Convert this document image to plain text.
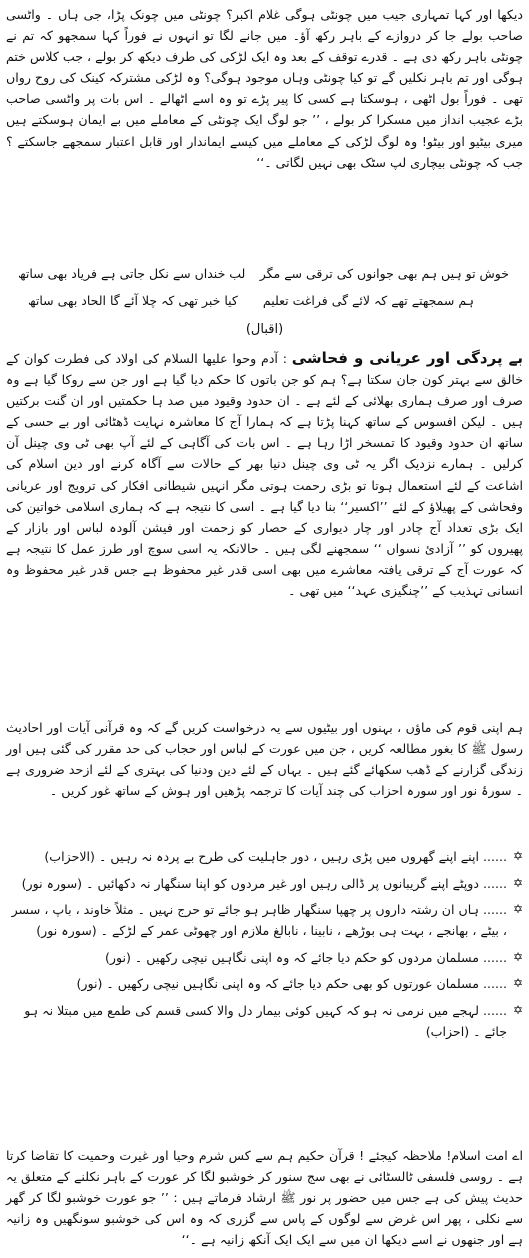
دیکھا اور کہا تمہاری جیب میں چونٹی ہوگی غلام اکبر؟ چونٹی میں چونک پڑا، جی ہاں ۔ واٹسی صاحب بولے جا کر دروازے کے باہر رکھ آؤ۔ میں جانے لگا تو انہوں نے فوراً کہا سمجھو کہ تم نے چونٹی باہر رکھ دی ہے ۔ قدرے توقف کے بعد وہ ایک لڑکی کی طرف دیکھ کر بولے ، جب کلاس ختم ہوگی اور تم باہر نکلیں گے تو کیا چونٹی وہاں موجود ہوگی؟ وہ لڑکی مشترکہ کینک کی روح رواں تھی ۔ فوراً بول اٹھی ، ہوسکتا ہے کسی کا پیر پڑے تو وہ اسے اٹھالے ۔ اس بات پر واٹسی صاحب بڑے عجیب انداز میں مسکرا کر بولے ، ’’ جو لوگ ایک چونٹی کے معاملے میں بے ایمان ہوسکتے ہیں میری بیٹیو اور بیٹو! وہ لوگ لڑکی کے معاملے میں کیسے ایماندار اور قابل اعتبار سمجھے جاسکتے ؟ جب کہ چونٹی بیچاری لپ سٹک بھی نہیں لگاتی ۔‘‘

خوش تو ہیں ہم بھی جوانوں کی ترقی سے مگر
لب خنداں سے نکل جاتی ہے فریاد بھی ساتھ
ہم سمجھتے تھے کہ لائے گی فراغت تعلیم
کیا خبر تھی کہ چلا آئے گا الحاد بھی ساتھ
(اقبال)

بے پردگی اور عریانی و فحاشی : آدم وحوا علیھا السلام کی اولاد کی فطرت کوان کے خالق سے بہتر کون جان سکتا ہے؟ ہم کو جن باتوں کا حکم دیا گیا ہے اور جن سے روکا گیا ہے وہ صرف اور صرف ہماری بھلائی کے لئے ہے ۔ ان حدود وقیود میں صد ہا حکمتیں اور ان گنت برکتیں ہیں ۔ لیکن افسوس کے ساتھ کہنا پڑتا ہے کہ ہمارا آج کا معاشرہ نہایت ڈھٹائی اور بے حسی کے ساتھ ان حدود وقیود کا تمسخر اڑا رہا ہے ۔ اس بات کی آگاہی کے لئے آپ بھی ٹی وی چینل آن کرلیں ۔ ہمارے نزدیک اگر یہ ٹی وی چینل دنیا بھر کے حالات سے آگاہ کرنے اور دین اسلام کی اشاعت کے لئے استعمال ہوتا تو بڑی رحمت ہوتی مگر انہیں شیطانی افکار کی ترویج اور عریانی وفحاشی کے پھیلاؤ کے لئے ’’اکسیر‘‘ بنا دیا گیا ہے ۔ اسی کا نتیجہ ہے کہ ہماری اسلامی خواتین کی ایک بڑی تعداد آج چادر اور چار دیواری کے حصار کو زحمت اور فیشن آلودہ لباس اور بازار کے پھیروں کو ’’ آزادیٔ نسواں ‘‘ سمجھنے لگی ہیں ۔ حالانکہ یہ اسی سوچ اور طرز عمل کا نتیجہ ہے کہ عورت آج کے ترقی یافتہ معاشرے میں بھی اسی قدر غیر محفوظ ہے جس قدر غیر محفوظ وہ انسانی تہذیب کے ’’چنگیزی عہد‘‘ میں تھی ۔

ہم اپنی قوم کی ماؤں ، بہنوں اور بیٹیوں سے یہ درخواست کریں گے کہ وہ قرآنی آیات اور احادیث رسول ﷺ کا بغور مطالعہ کریں ، جن میں عورت کے لباس اور حجاب کی حد مقرر کی گئی ہیں اور زندگی گزارنے کے ڈھب سکھائے گئے ہیں ۔ یہاں کے لئے دین ودنیا کی بہتری کے لئے ازحد ضروری ہے ۔ سورۂ نور اور سورہ احزاب کی چند آیات کا ترجمہ پڑھیں اور ہوش کے ساتھ غور کریں ۔

✡
...... اپنے اپنے گھروں میں پڑی رہیں ، دور جاہلیت کی طرح بے پردہ نہ رہیں ۔ (الاحزاب)
✡
...... دوپٹے اپنے گریبانوں پر ڈالی رہیں اور غیر مردوں کو اپنا سنگھار نہ دکھائیں ۔ (سورہ نور)
✡
...... ہاں ان رشتہ داروں پر چھپا سنگھار ظاہر ہو جائے تو حرج نہیں ۔ مثلاً خاوند ، باپ ، سسر ، بیٹے ، بھانجے ، بہت ہی بوڑھے ، نابینا ، نابالغ ملازم اور چھوٹی عمر کے لڑکے ۔ (سورہ نور)
✡
...... مسلمان مردوں کو حکم دیا جائے کہ وہ اپنی نگاہیں نیچی رکھیں ۔ (نور)
✡
...... مسلمان عورتوں کو بھی حکم دیا جائے کہ وہ اپنی نگاہیں نیچی رکھیں ۔ (نور)
✡
...... لہجے میں نرمی نہ ہو کہ کہیں کوئی بیمار دل والا کسی قسم کی طمع میں مبتلا نہ ہو جائے ۔ (احزاب)

اے امت اسلام! ملاحظہ کیجئے ! قرآن حکیم ہم سے کس شرم وحیا اور غیرت وحمیت کا تقاضا کرتا ہے ۔ روسی فلسفی ٹالسٹائی نے بھی سج سنور کر خوشبو لگا کر عورت کے باہر نکلنے کے متعلق یہ حدیث پیش کی ہے جس میں حضور پر نور ﷺ ارشاد فرماتے ہیں : ’’ جو عورت خوشبو لگا کر گھر سے نکلی ، پھر اس غرض سے لوگوں کے پاس سے گزری کہ وہ اس کی خوشبو سونگھیں وہ زانیہ ہے اور جنھوں نے اسے دیکھا ان میں سے ایک ایک آنکھ زانیہ ہے ۔‘‘
